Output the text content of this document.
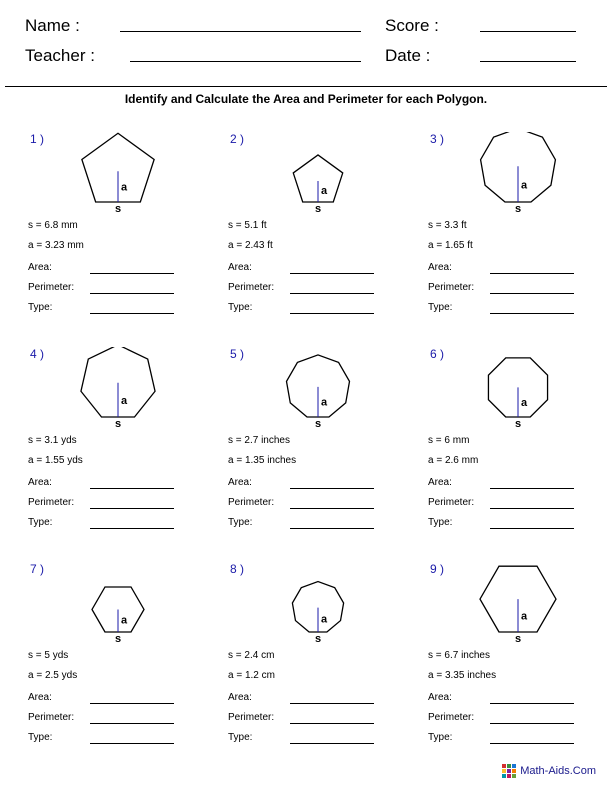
Name :
Teacher :
Score :
Date :
Identify and Calculate the Area and Perimeter for each Polygon.
1 )
a
s
s = 6.8 mm
a = 3.23 mm
Area:
Perimeter:
Type:
2 )
a
s
s = 5.1 ft
a = 2.43 ft
Area:
Perimeter:
Type:
3 )
a
s
s = 3.3 ft
a = 1.65 ft
Area:
Perimeter:
Type:
4 )
a
s
s = 3.1 yds
a = 1.55 yds
Area:
Perimeter:
Type:
5 )
a
s
s = 2.7 inches
a = 1.35 inches
Area:
Perimeter:
Type:
6 )
a
s
s = 6 mm
a = 2.6 mm
Area:
Perimeter:
Type:
7 )
a
s
s = 5 yds
a = 2.5 yds
Area:
Perimeter:
Type:
8 )
a
s
s = 2.4 cm
a = 1.2 cm
Area:
Perimeter:
Type:
9 )
a
s
s = 6.7 inches
a = 3.35 inches
Area:
Perimeter:
Type:
Math-Aids.Com
